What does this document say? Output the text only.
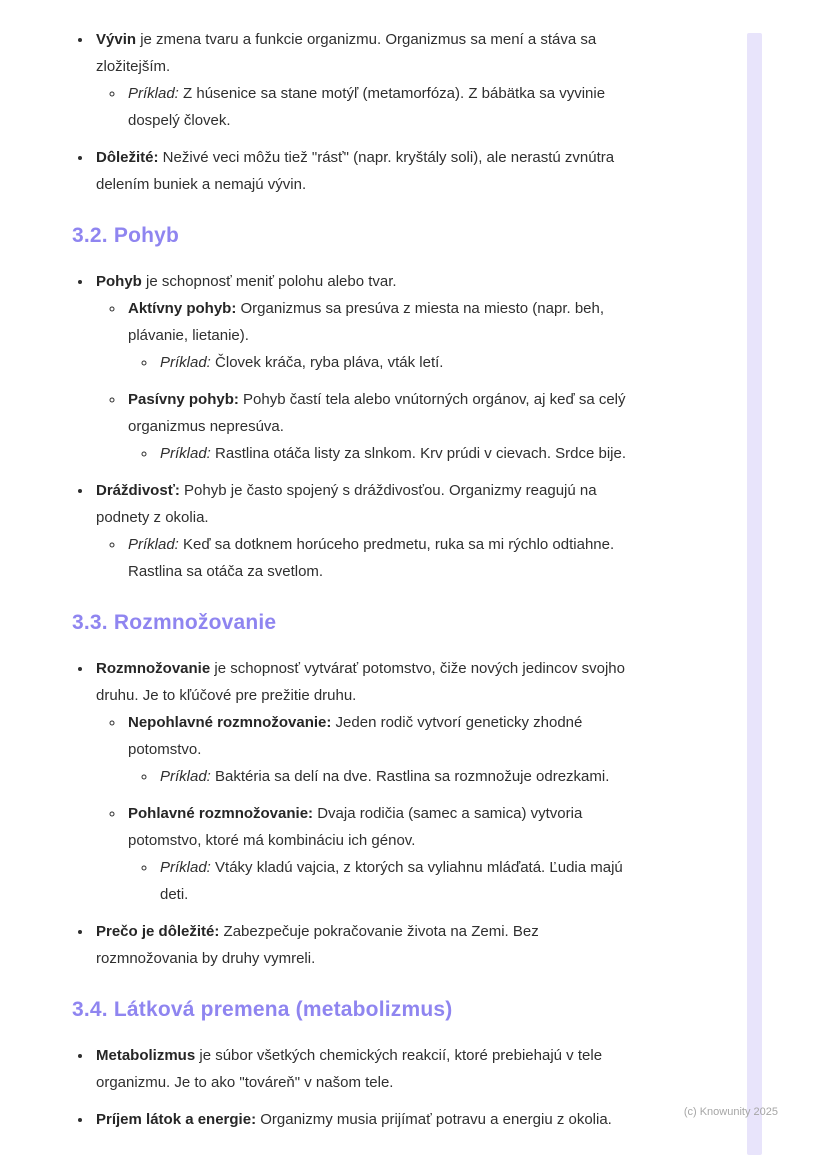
• Vývin je zmena tvaru a funkcie organizmu. Organizmus sa mení a stáva sa zložitejším.
◦ Príklad: Z húsenice sa stane motýľ (metamorfóza). Z bábätka sa vyvinie dospelý človek.
• Dôležité: Neživé veci môžu tiež "rásť" (napr. kryštály soli), ale nerastú zvnútra delením buniek a nemajú vývin.
3.2. Pohyb
• Pohyb je schopnosť meniť polohu alebo tvar.
◦ Aktívny pohyb: Organizmus sa presúva z miesta na miesto (napr. beh, plávanie, lietanie).
◦ Príklad: Človek kráča, ryba pláva, vták letí.
◦ Pasívny pohyb: Pohyb častí tela alebo vnútorných orgánov, aj keď sa celý organizmus nepresúva.
◦ Príklad: Rastlina otáča listy za slnkom. Krv prúdi v cievach. Srdce bije.
• Dráždivosť: Pohyb je často spojený s dráždivosťou. Organizmy reagujú na podnety z okolia.
◦ Príklad: Keď sa dotknem horúceho predmetu, ruka sa mi rýchlo odtiahne. Rastlina sa otáča za svetlom.
3.3. Rozmnožovanie
• Rozmnožovanie je schopnosť vytvárať potomstvo, čiže nových jedincov svojho druhu. Je to kľúčové pre prežitie druhu.
◦ Nepohlavné rozmnožovanie: Jeden rodič vytvorí geneticky zhodné potomstvo.
◦ Príklad: Baktéria sa delí na dve. Rastlina sa rozmnožuje odrezkami.
◦ Pohlavné rozmnožovanie: Dvaja rodičia (samec a samica) vytvoria potomstvo, ktoré má kombináciu ich génov.
◦ Príklad: Vtáky kladú vajcia, z ktorých sa vyliahnu mláďatá. Ľudia majú deti.
• Prečo je dôležité: Zabezpečuje pokračovanie života na Zemi. Bez rozmnožovania by druhy vymreli.
3.4. Látková premena (metabolizmus)
• Metabolizmus je súbor všetkých chemických reakcií, ktoré prebiehajú v tele organizmu. Je to ako "továreň" v našom tele.
• Príjem látok a energie: Organizmy musia prijímať potravu a energiu z okolia.	(c) Knowunity 2025
